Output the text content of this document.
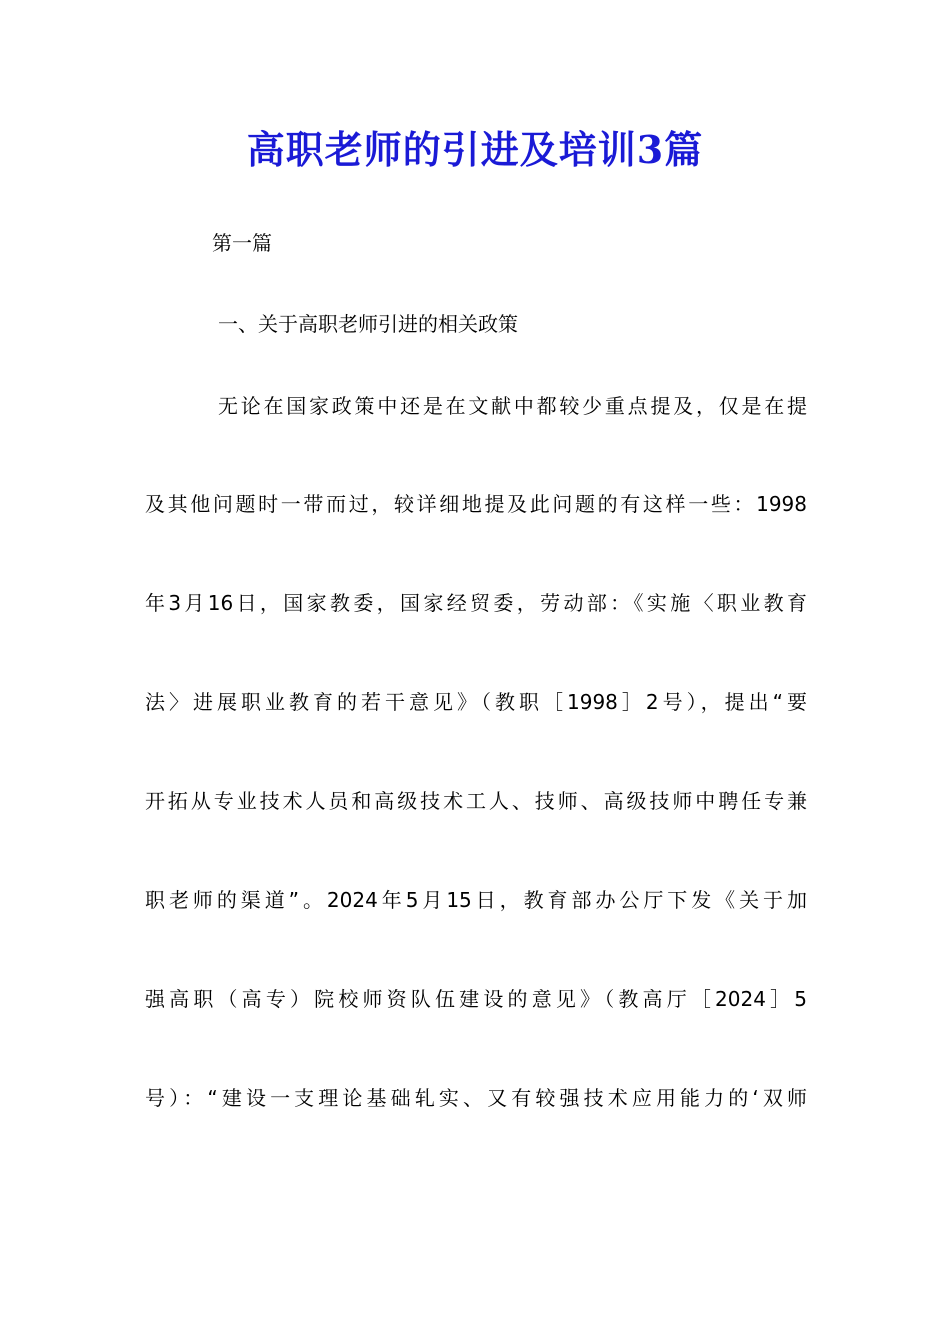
高职老师的引进及培训3篇
第一篇
一、关于高职老师引进的相关政策
无论在国家政策中还是在文献中都较少重点提及，仅是在提
及其他问题时一带而过，较详细地提及此问题的有这样一些：1998
年3月16日，国家教委，国家经贸委，劳动部：《实施〈职业教育
法〉进展职业教育的若干意见》（教职［1998］2号），提出“要
开拓从专业技术人员和高级技术工人、技师、高级技师中聘任专兼
职老师的渠道”。2024年5月15日，教育部办公厅下发《关于加
强高职（高专）院校师资队伍建设的意见》（教高厅［2024］5
号）：“建设一支理论基础轧实、又有较强技术应用能力的‘双师
